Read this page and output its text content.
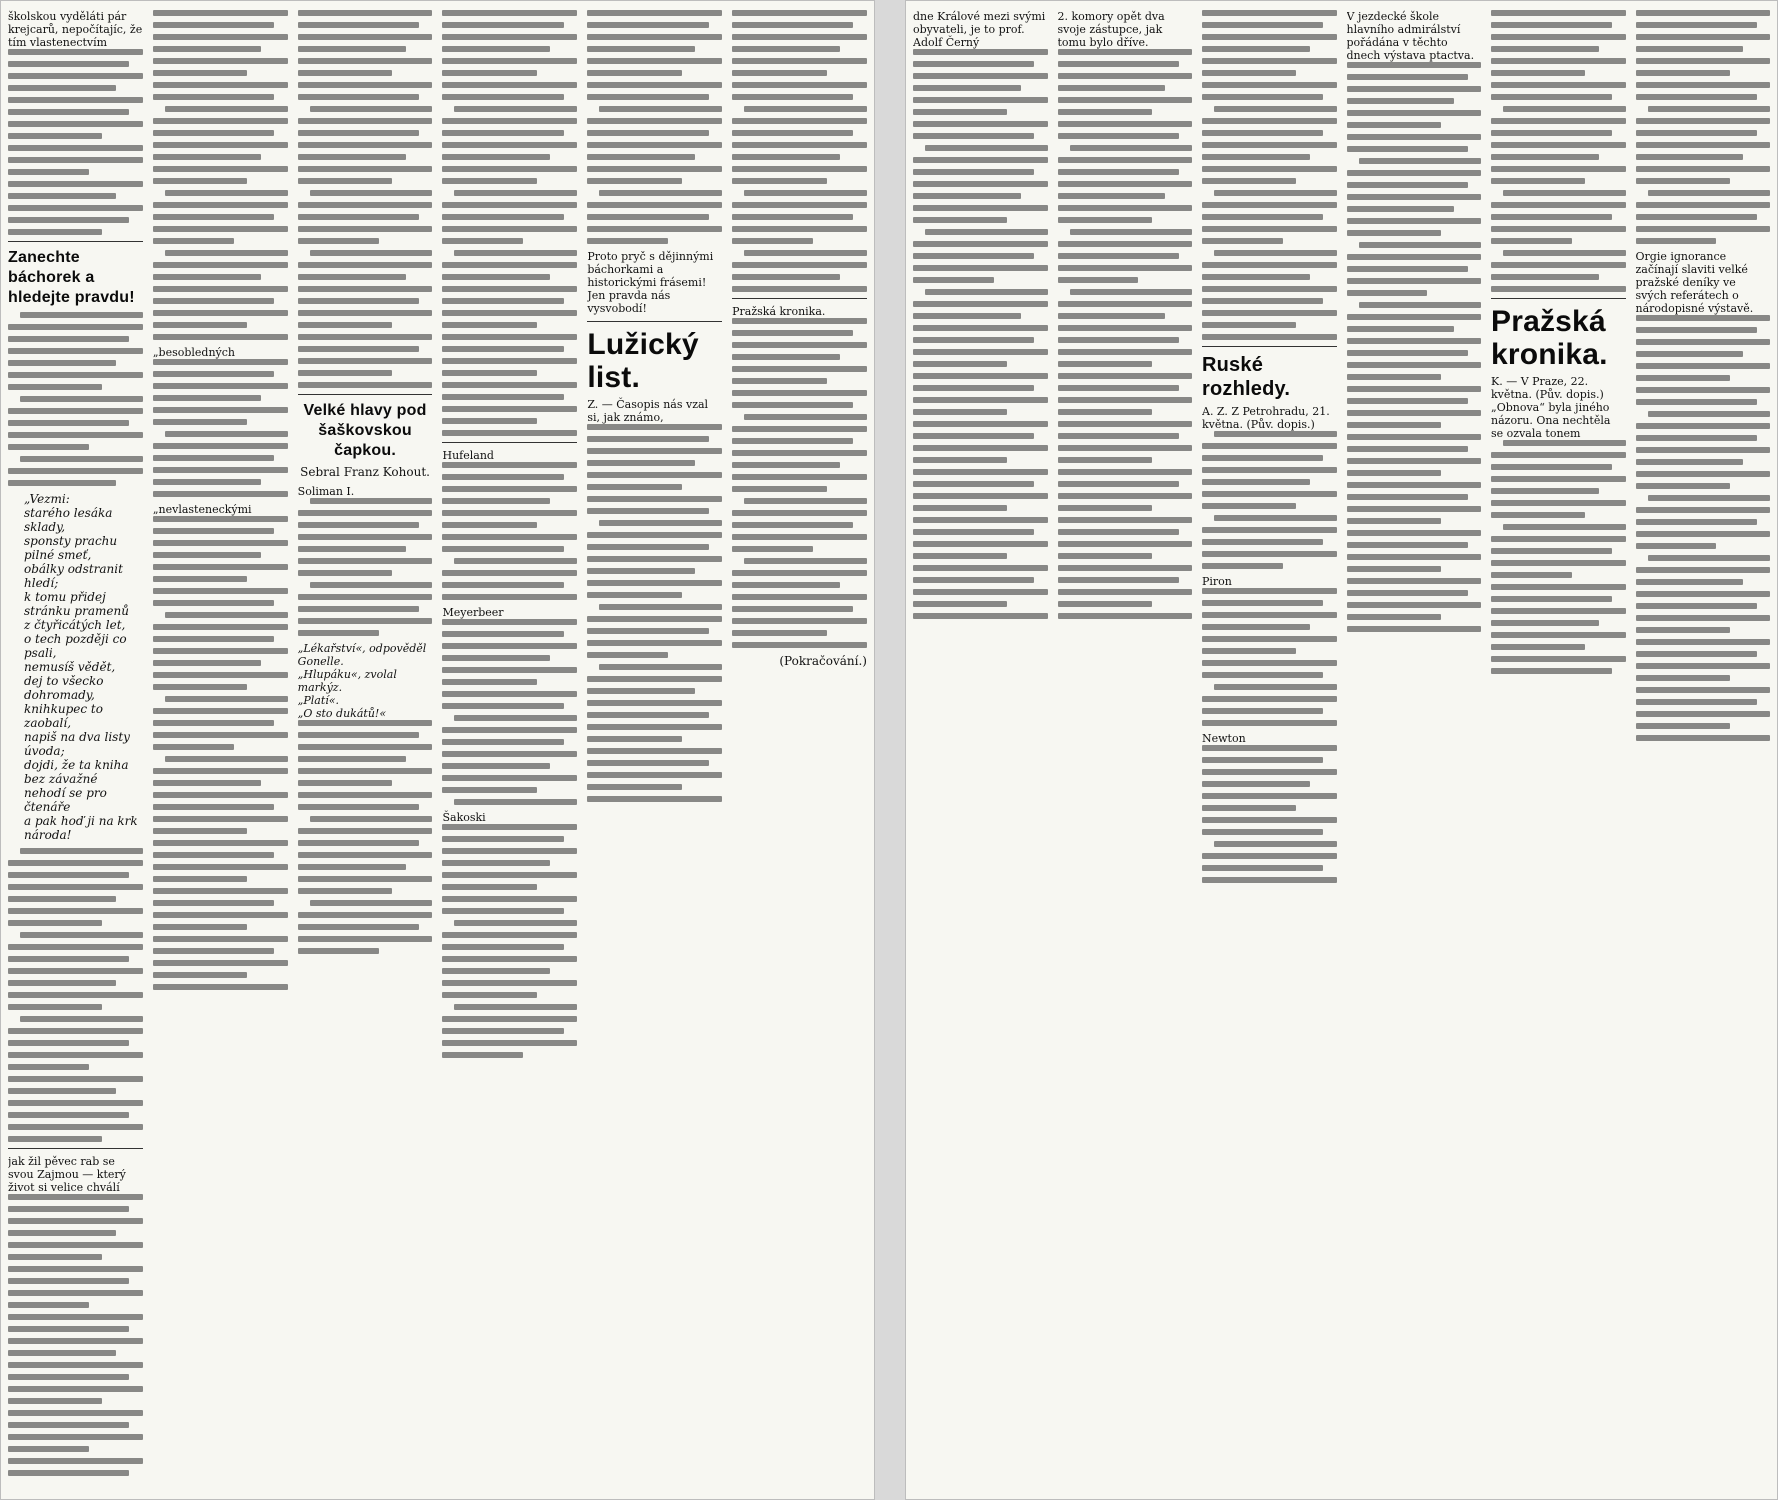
školskou vyděláti pár krejcarů, nepočítajíc, že tím vlastenectvím
Zanechte báchorek a hledejte pravdu!
„Vezmi:
starého lesáka sklady,
sponsty prachu pilné smeť,
obálky odstranit hledí;
k tomu přidej stránku pramenů
z čtyřicátých let,
o tech později co psali,
nemusíš vědět,
dej to všecko dohromady,
knihkupec to zaobalí,
napiš na dva listy úvoda;
dojdi, že ta kniha bez závažné
nehodí se pro čtenáře
a pak hoď ji na krk národa!
jak žil pěvec rab se svou Zajmou — který život si velice chválí
„besobledných
„nevlasteneckými
Velké hlavy pod šaškovskou čapkou.
Sebral Franz Kohout.
Soliman I.
„Lékařství«, odpověděl Gonelle.
„Hlupáku«, zvolal markýz.
„Platí«.
„O sto dukátů!«
Hufeland
Meyerbeer
Šakoski
Proto pryč s dějinnými báchorkami a historickými frásemi! Jen pravda nás vysvobodí!
Lužický list.
Z. — Časopis nás vzal si, jak známo,
Pražská kronika.
(Pokračování.)
dne Králové mezi svými obyvateli, je to prof. Adolf Černý
2. komory opět dva svoje zástupce, jak tomu bylo dříve.
Ruské rozhledy.
A. Z. Z Petrohradu, 21. května. (Pův. dopis.)
Piron
Newton
V jezdecké škole hlavního admirálství pořádána v těchto dnech výstava ptactva.
Pražská kronika.
K. — V Praze, 22. května. (Pův. dopis.)
„Obnova“ byla jiného názoru. Ona nechtěla se ozvala tonem
Orgie ignorance začínají slaviti velké pražské deníky ve svých referátech o národopisné výstavě.
